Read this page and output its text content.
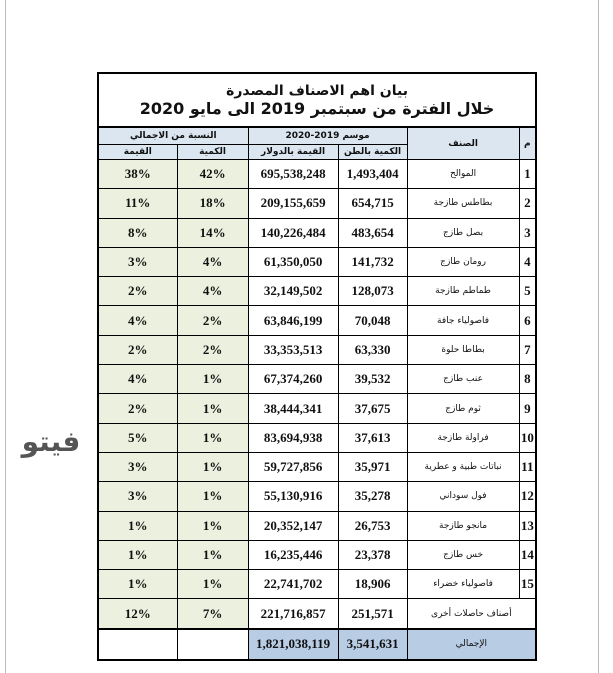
بيان اهم الاصناف المصدرة
خلال الفترة من سبتمبر 2019 الى مايو 2020					

م	الصنف	موسم 2019-2020		النسبة من الاجمالي	
		الكمية بالطن	القيمة بالدولار	الكمية	القيمة
1	الموالح	1,493,404	695,538,248	42%	38%
2	بطاطس طازجة	654,715	209,155,659	18%	11%
3	بصل طازج	483,654	140,226,484	14%	8%
4	رومان طازج	141,732	61,350,050	4%	3%
5	طماطم طازجة	128,073	32,149,502	4%	2%
6	فاصولياء جافة	70,048	63,846,199	2%	4%
7	بطاطا حلوة	63,330	33,353,513	2%	2%
8	عنب طازج	39,532	67,374,260	1%	4%
9	ثوم طازج	37,675	38,444,341	1%	2%
10	فراولة طازجة	37,613	83,694,938	1%	5%
11	نباتات طبية و عطرية	35,971	59,727,856	1%	3%
12	فول سوداني	35,278	55,130,916	1%	3%
13	مانجو طازجة	26,753	20,352,147	1%	1%
14	خس طازج	23,378	16,235,446	1%	1%
15	فاصولياء خضراء	18,906	22,741,702	1%	1%
أصناف حاصلات أخرى		251,571	221,716,857	7%	12%
الإجمالي		3,541,631	1,821,038,119		
فيتو
